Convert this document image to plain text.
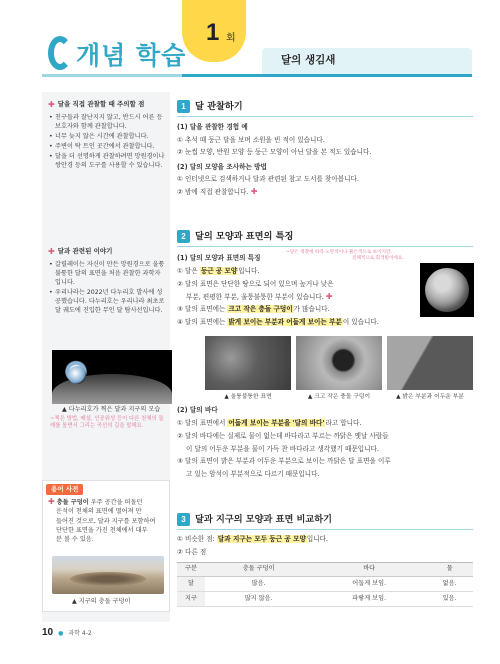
개념 학습
1 회
달의 생김새
✚ 달을 직접 관찰할 때 주의할 점
• 친구들과 잘난지지 않고, 반드시 어른 등 보호자와 함께 관찰합니다.
• 너무 늦지 않은 시간에 관찰합니다.
• 주변이 탁 트인 곳간에서 관찰합니다.
• 달을 더 선명하게 관찰하려면 망원경이나 쌍안경 등의 도구를 사용할 수 있습니다.
✚ 달과 관련된 이야기
• 갈릴레이는 자신이 만든 망원경으로 울퉁불퉁한 달의 표면을 처음 관찰한 과학자입니다.
• 우리나라는 2022년 다누리호 발사에 성공했습니다. 다누리호는 우리나라 최초로 달 궤도에 진입한 무인 달 탐사선입니다.
▲ 다누리호가 찍은 달과 지구의 모습
~찍은 방법, 매설, 인공위성 등이 다른 천체의 둘레를 돌면서 그리는 곡선의 길을 말해요.
용어 사전
✚ 충돌 구덩이 우주 공간을 떠돌던
운석이 천체의 표면에 떨어져 만
들어진 것으로, 달과 지구를 포함하여
단단한 표면을 가진 천체에서 대부
분 볼 수 있음.
▲ 지구의 충돌 구덩이
1	달 관찰하기
(1) 달을 관찰한 경험 예
① 추석 때 둥근 달을 보며 소원을 빈 적이 있습니다.
② 눈썹 모양, 반원 모양 등 둥근 모양이 아닌 달을 본 적도 있습니다.
(2) 달의 모양을 조사하는 방법
① 인터넷으로 검색하거나 달과 관련된 참고 도서를 찾아봅니다.
② 밤에 직접 관찰합니다. ✚
2	달의 모양과 표면의 특징
~달은 정찰에 따라 노란색이나 붉은색으로 보이지만,
전체적으로 회색빛이에요.
(1) 달의 모양과 표면의 특징
① 달은 둥근 공 모양입니다.
② 달의 표면은 단단한 땅으로 되어 있으며 높거나 낮은
부분, 편평한 부분, 울퉁불퉁한 부분이 있습니다. ✚
③ 달의 표면에는 크고 작은 충돌 구덩이가 많습니다.
④ 달의 표면에는 밝게 보이는 부분과 어둡게 보이는 부분이 있습니다.
▲ 울퉁불퉁한 표면	▲ 크고 작은 충돌 구덩이	▲ 밝은 부분과 어두운 부분
(2) 달의 바다
① 달의 표면에서 어둡게 보이는 부분을 '달의 바다'라고 합니다.
② 달의 바다에는 실제로 물이 없는데 바다라고 부르는 까닭은 옛날 사람들
이 달의 어두운 부분을 물이 가득 찬 바다라고 생각했기 때문입니다.
③ 달의 표면이 밝은 부분과 어두운 부분으로 보이는 까닭은 달 표면을 이루
고 있는 암석이 부분적으로 다르기 때문입니다.
3	달과 지구의 모양과 표면 비교하기
① 비슷한 점: 달과 지구는 모두 둥근 공 모양입니다.
② 다른 점
구분	충돌 구덩이	바다	물
달	많음.	어둡게 보임.	없음.
지구	많지 않음.	파랗게 보임.	있음.
10 ● 과학 4-2
